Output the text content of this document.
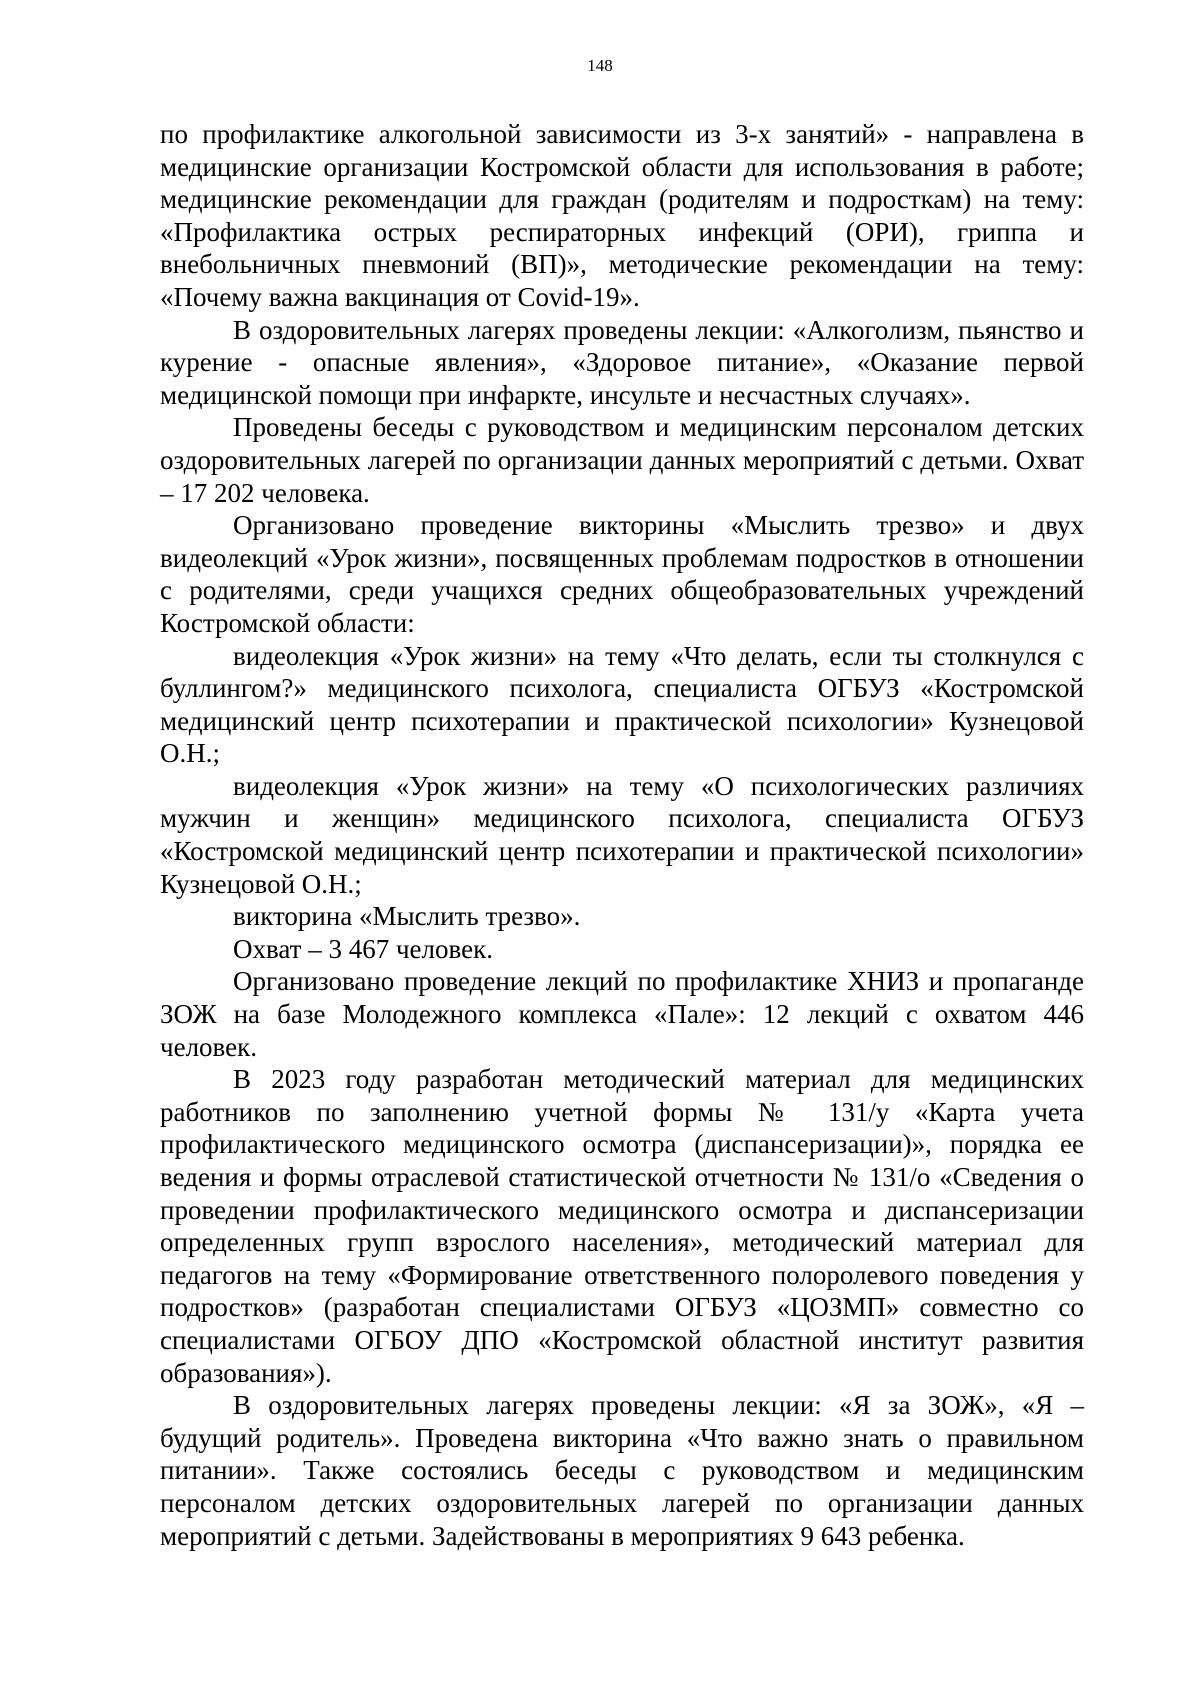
148

по профилактике алкогольной зависимости из 3-х занятий» - направлена в медицинские организации Костромской области для использования в работе; медицинские рекомендации для граждан (родителям и подросткам) на тему: «Профилактика острых респираторных инфекций (ОРИ), гриппа и внебольничных пневмоний (ВП)», методические рекомендации на тему: «Почему важна вакцинация от Covid-19».

В оздоровительных лагерях проведены лекции: «Алкоголизм, пьянство и курение - опасные явления», «Здоровое питание», «Оказание первой медицинской помощи при инфаркте, инсульте и несчастных случаях».

Проведены беседы с руководством и медицинским персоналом детских оздоровительных лагерей по организации данных мероприятий с детьми. Охват – 17 202 человека.

Организовано проведение викторины «Мыслить трезво» и двух видеолекций «Урок жизни», посвященных проблемам подростков в отношении с родителями, среди учащихся средних общеобразовательных учреждений Костромской области:

видеолекция «Урок жизни» на тему «Что делать, если ты столкнулся с буллингом?» медицинского психолога, специалиста ОГБУЗ «Костромской медицинский центр психотерапии и практической психологии» Кузнецовой О.Н.;

видеолекция «Урок жизни» на тему «О психологических различиях мужчин и женщин» медицинского психолога, специалиста ОГБУЗ «Костромской медицинский центр психотерапии и практической психологии» Кузнецовой О.Н.;

викторина «Мыслить трезво».

Охват – 3 467 человек.

Организовано проведение лекций по профилактике ХНИЗ и пропаганде ЗОЖ на базе Молодежного комплекса «Пале»: 12 лекций с охватом 446 человек.

В 2023 году разработан методический материал для медицинских работников по заполнению учетной формы № 131/у «Карта учета профилактического медицинского осмотра (диспансеризации)», порядка ее ведения и формы отраслевой статистической отчетности № 131/о «Сведения о проведении профилактического медицинского осмотра и диспансеризации определенных групп взрослого населения», методический материал для педагогов на тему «Формирование ответственного полоролевого поведения у подростков» (разработан специалистами ОГБУЗ «ЦОЗМП» совместно со специалистами ОГБОУ ДПО «Костромской областной институт развития образования»).

В оздоровительных лагерях проведены лекции: «Я за ЗОЖ», «Я – будущий родитель». Проведена викторина «Что важно знать о правильном питании». Также состоялись беседы с руководством и медицинским персоналом детских оздоровительных лагерей по организации данных мероприятий с детьми. Задействованы в мероприятиях 9 643 ребенка.
